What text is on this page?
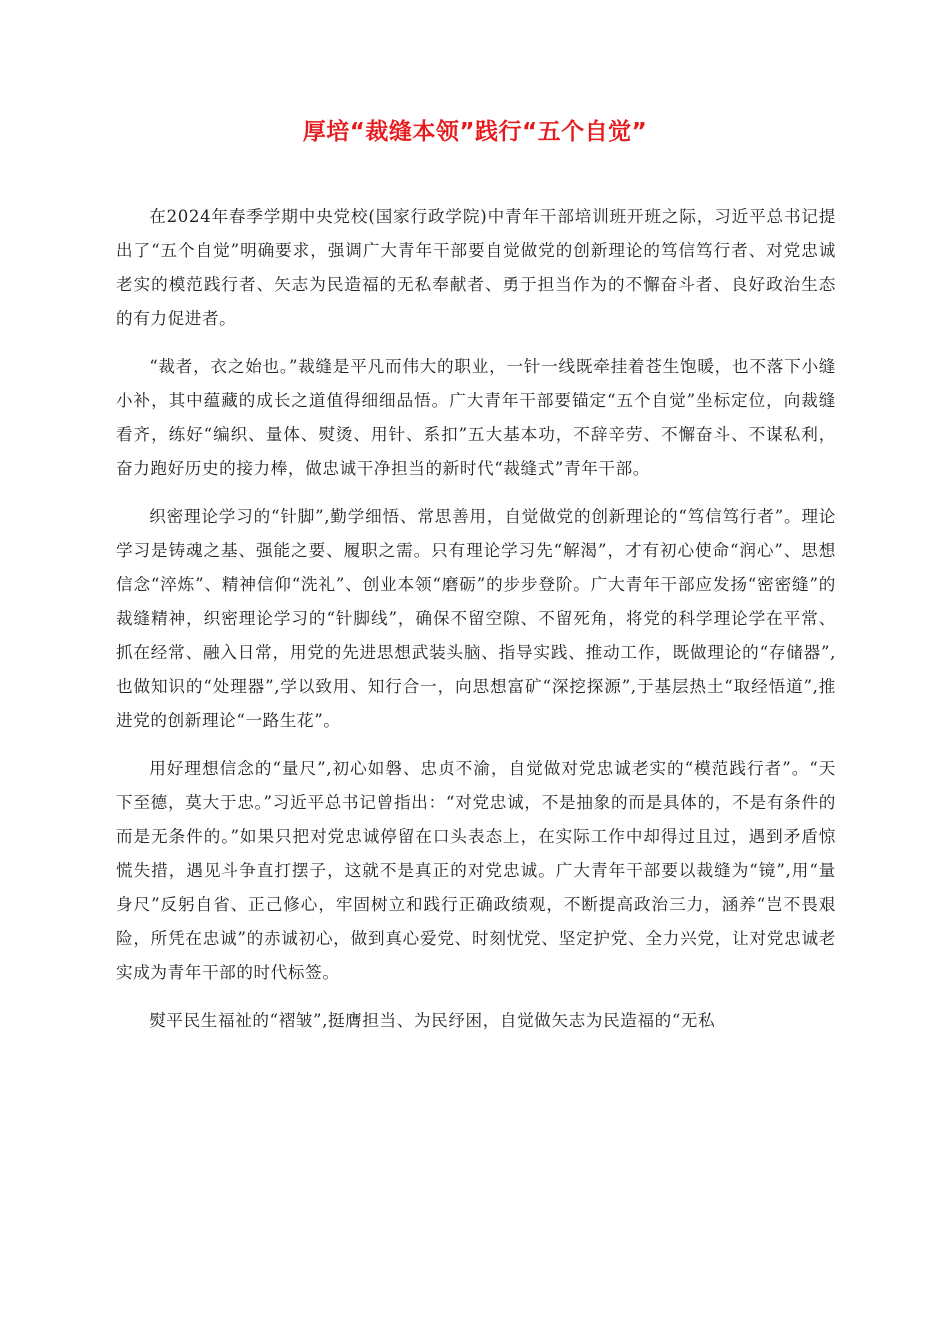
厚培“裁缝本领”践行“五个自觉”

在2024年春季学期中央党校(国家行政学院)中青年干部培训班开班之际，习近平总书记提出了“五个自觉”明确要求，强调广大青年干部要自觉做党的创新理论的笃信笃行者、对党忠诚老实的模范践行者、矢志为民造福的无私奉献者、勇于担当作为的不懈奋斗者、良好政治生态的有力促进者。

“裁者，衣之始也。”裁缝是平凡而伟大的职业，一针一线既牵挂着苍生饱暖，也不落下小缝小补，其中蕴藏的成长之道值得细细品悟。广大青年干部要锚定“五个自觉”坐标定位，向裁缝看齐，练好“编织、量体、熨烫、用针、系扣”五大基本功，不辞辛劳、不懈奋斗、不谋私利，奋力跑好历史的接力棒，做忠诚干净担当的新时代“裁缝式”青年干部。

织密理论学习的“针脚”,勤学细悟、常思善用，自觉做党的创新理论的“笃信笃行者”。理论学习是铸魂之基、强能之要、履职之需。只有理论学习先“解渴”，才有初心使命“润心”、思想信念“淬炼”、精神信仰“洗礼”、创业本领“磨砺”的步步登阶。广大青年干部应发扬“密密缝”的裁缝精神，织密理论学习的“针脚线”，确保不留空隙、不留死角，将党的科学理论学在平常、抓在经常、融入日常，用党的先进思想武装头脑、指导实践、推动工作，既做理论的“存储器”,也做知识的“处理器”,学以致用、知行合一，向思想富矿“深挖探源”,于基层热土“取经悟道”,推进党的创新理论“一路生花”。

用好理想信念的“量尺”,初心如磐、忠贞不渝，自觉做对党忠诚老实的“模范践行者”。“天下至德，莫大于忠。”习近平总书记曾指出：“对党忠诚，不是抽象的而是具体的，不是有条件的而是无条件的。”如果只把对党忠诚停留在口头表态上，在实际工作中却得过且过，遇到矛盾惊慌失措，遇见斗争直打摆子，这就不是真正的对党忠诚。广大青年干部要以裁缝为“镜”,用“量身尺”反躬自省、正己修心，牢固树立和践行正确政绩观，不断提高政治三力，涵养“岂不畏艰险，所凭在忠诚”的赤诚初心，做到真心爱党、时刻忧党、坚定护党、全力兴党，让对党忠诚老实成为青年干部的时代标签。

熨平民生福祉的“褶皱”,挺膺担当、为民纾困，自觉做矢志为民造福的“无私
